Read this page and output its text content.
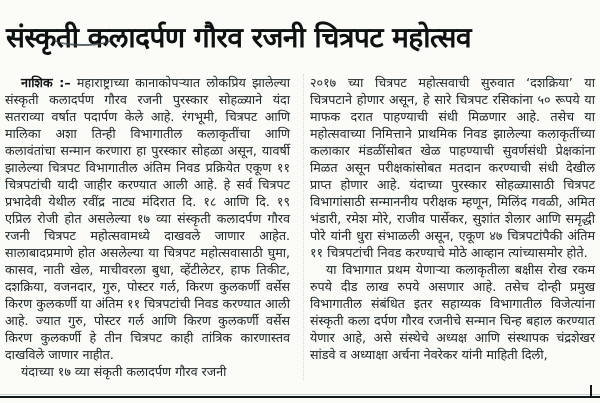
संस्कृती कलादर्पण गौरव रजनी चित्रपट महोत्सव

नाशिक :– महाराष्ट्राच्या कानाकोपऱ्यात लोकप्रिय झालेल्या संस्कृती कलादर्पण गौरव रजनी पुरस्कार सोहळ्याने यंदा सतराव्या वर्षात पदार्पण केले आहे. रंगभूमी, चित्रपट आणि मालिका अशा तिन्ही विभागातील कलाकृतींचा आणि कलावंतांचा सन्मान करणारा हा पुरस्कार सोहळा असून, यावर्षी झालेल्या चित्रपट विभागातील अंतिम निवड प्रक्रियेत एकूण ११ चित्रपटांची यादी जाहीर करण्यात आली आहे. हे सर्व चित्रपट प्रभादेवी येथील रवींद्र नाट्य मंदिरात दि. १८ आणि दि. १९ एप्रिल रोजी होत असलेल्या १७ व्या संस्कृती कलादर्पण गौरव रजनी चित्रपट महोत्सवामध्ये दाखवले जाणार आहेत. सालाबादप्रमाणे होत असलेल्या या चित्रपट महोत्सवासाठी घुमा, कासव, नाती खेल, माचीवरला बुधा, व्हेंटीलेटर, हाफ तिकीट, दशक्रिया, वजनदार, गुरु, पोस्टर गर्ल, किरण कुलकर्णी वर्सेस किरण कुलकर्णी या अंतिम ११ चित्रपटांची निवड करण्यात आली आहे. ज्यात गुरु, पोस्टर गर्ल आणि किरण कुलकर्णी वर्सेस किरण कुलकर्णी हे तीन चित्रपट काही तांत्रिक कारणास्तव दाखविले जाणार नाहीत.

यंदाच्या १७ व्या संकृती कलादर्पण गौरव रजनी

२०१७ च्या चित्रपट महोत्सवाची सुरुवात ‘दशक्रिया’ या चित्रपटाने होणार असून, हे सारे चित्रपट रसिकांना ५० रूपये या माफक दरात पाहण्याची संधी मिळणार आहे. तसेच या महोत्सवाच्या निमित्ताने प्राथमिक निवड झालेल्या कलाकृतींच्या कलाकार मंडळींसोबत खेळ पाहण्याची सुवर्णसंधी प्रेक्षकांना मिळत असून परीक्षकांसोबत मतदान करण्याची संधी देखील प्राप्त होणार आहे. यंदाच्या पुरस्कार सोहळ्यासाठी चित्रपट विभागांसाठी सन्माननीय परीक्षक म्हणून, मिलिंद गवळी, अमित भंडारी, रमेश मोरे, राजीव पार्सेकर, सुशांत शेलार आणि समृद्धी पोरे यांनी धुरा संभाळली असून, एकूण ४७ चित्रपटांपैकी अंतिम ११ चित्रपटांची निवड करण्याचे मोठे आव्हान त्यांच्यासमोर होते.

या विभागात प्रथम येणाऱ्या कलाकृतीला बक्षीस रोख रकम रुपये दीड लाख रुपये असणार आहे. तसेच दोन्ही प्रमुख विभागातील संबंधित इतर सहाय्यक विभागातील विजेत्यांना संस्कृती कला दर्पण गौरव रजनीचे सन्मान चिन्ह बहाल करण्यात येणार आहे, असे संस्थेचे अध्यक्ष आणि संस्थापक चंद्रशेखर सांडवे व अध्याक्षा अर्चना नेवरेकर यांनी माहिती दिली,
